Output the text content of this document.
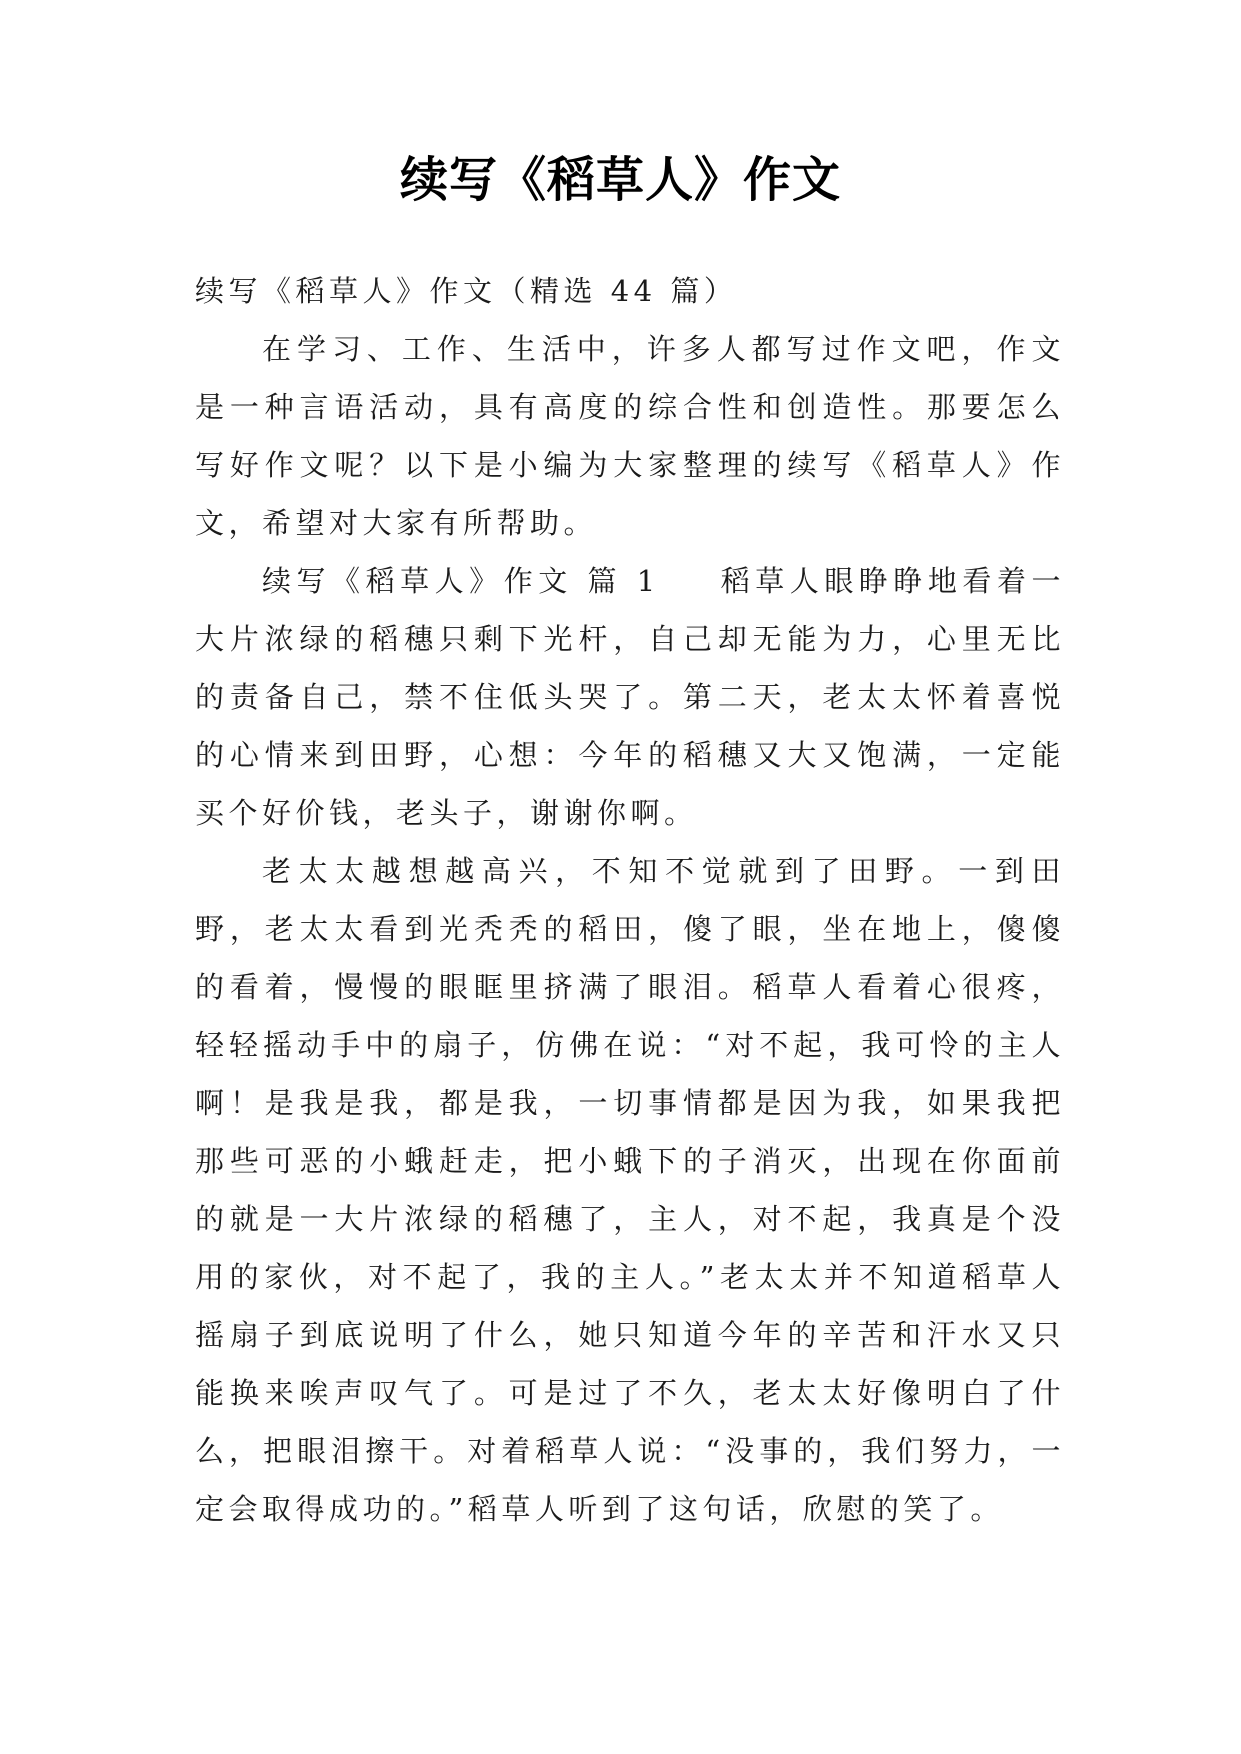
续写《稻草人》作文

续写《稻草人》作文（精选 44 篇）

在学习、工作、生活中，许多人都写过作文吧，作文是一种言语活动，具有高度的综合性和创造性。那要怎么写好作文呢？以下是小编为大家整理的续写《稻草人》作文，希望对大家有所帮助。

续写《稻草人》作文 篇 1 稻草人眼睁睁地看着一大片浓绿的稻穗只剩下光杆，自己却无能为力，心里无比的责备自己，禁不住低头哭了。第二天，老太太怀着喜悦的心情来到田野，心想：今年的稻穗又大又饱满，一定能买个好价钱，老头子，谢谢你啊。

老太太越想越高兴，不知不觉就到了田野。一到田野，老太太看到光秃秃的稻田，傻了眼，坐在地上，傻傻的看着，慢慢的眼眶里挤满了眼泪。稻草人看着心很疼，轻轻摇动手中的扇子，仿佛在说：“对不起，我可怜的主人啊！是我是我，都是我，一切事情都是因为我，如果我把那些可恶的小蛾赶走，把小蛾下的子消灭，出现在你面前的就是一大片浓绿的稻穗了，主人，对不起，我真是个没用的家伙，对不起了，我的主人。”老太太并不知道稻草人摇扇子到底说明了什么，她只知道今年的辛苦和汗水又只能换来唉声叹气了。可是过了不久，老太太好像明白了什么，把眼泪擦干。对着稻草人说：“没事的，我们努力，一定会取得成功的。”稻草人听到了这句话，欣慰的笑了。
